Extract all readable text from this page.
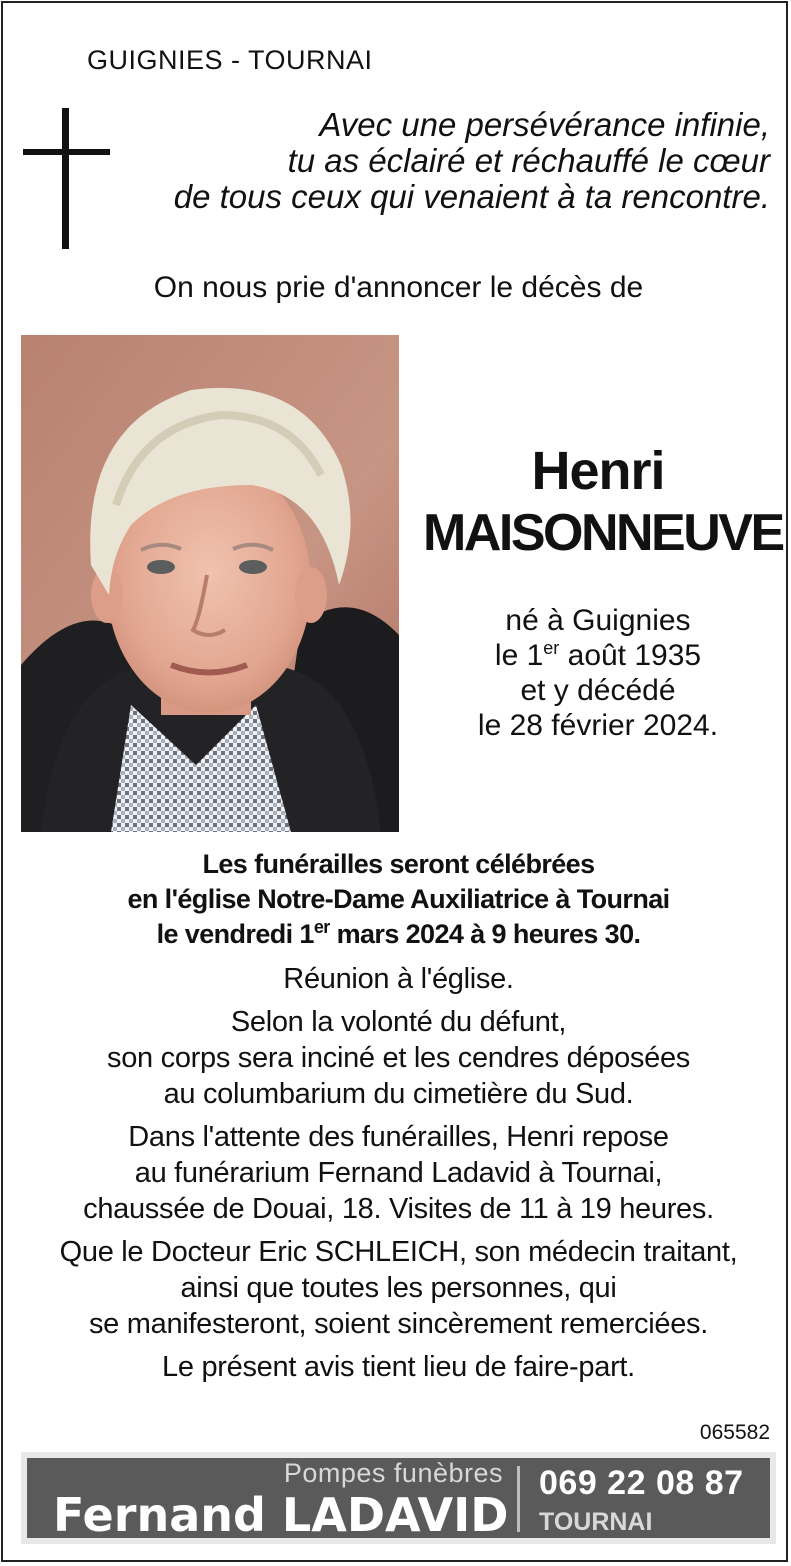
GUIGNIES - TOURNAI
Avec une persévérance infinie,
tu as éclairé et réchauffé le cœur
de tous ceux qui venaient à ta rencontre.
On nous prie d'annoncer le décès de
Henri
MAISONNEUVE
né à Guignies
le 1er août 1935
et y décédé
le 28 février 2024.
Les funérailles seront célébrées
en l'église Notre-Dame Auxiliatrice à Tournai
le vendredi 1er mars 2024 à 9 heures 30.
Réunion à l'église.
Selon la volonté du défunt,
son corps sera inciné et les cendres déposées
au columbarium du cimetière du Sud.
Dans l'attente des funérailles, Henri repose
au funérarium Fernand Ladavid à Tournai,
chaussée de Douai, 18. Visites de 11 à 19 heures.
Que le Docteur Eric SCHLEICH, son médecin traitant,
ainsi que toutes les personnes, qui
se manifesteront, soient sincèrement remerciées.
Le présent avis tient lieu de faire-part.
065582
Pompes funèbres
Fernand LADAVID
069 22 08 87
TOURNAI
